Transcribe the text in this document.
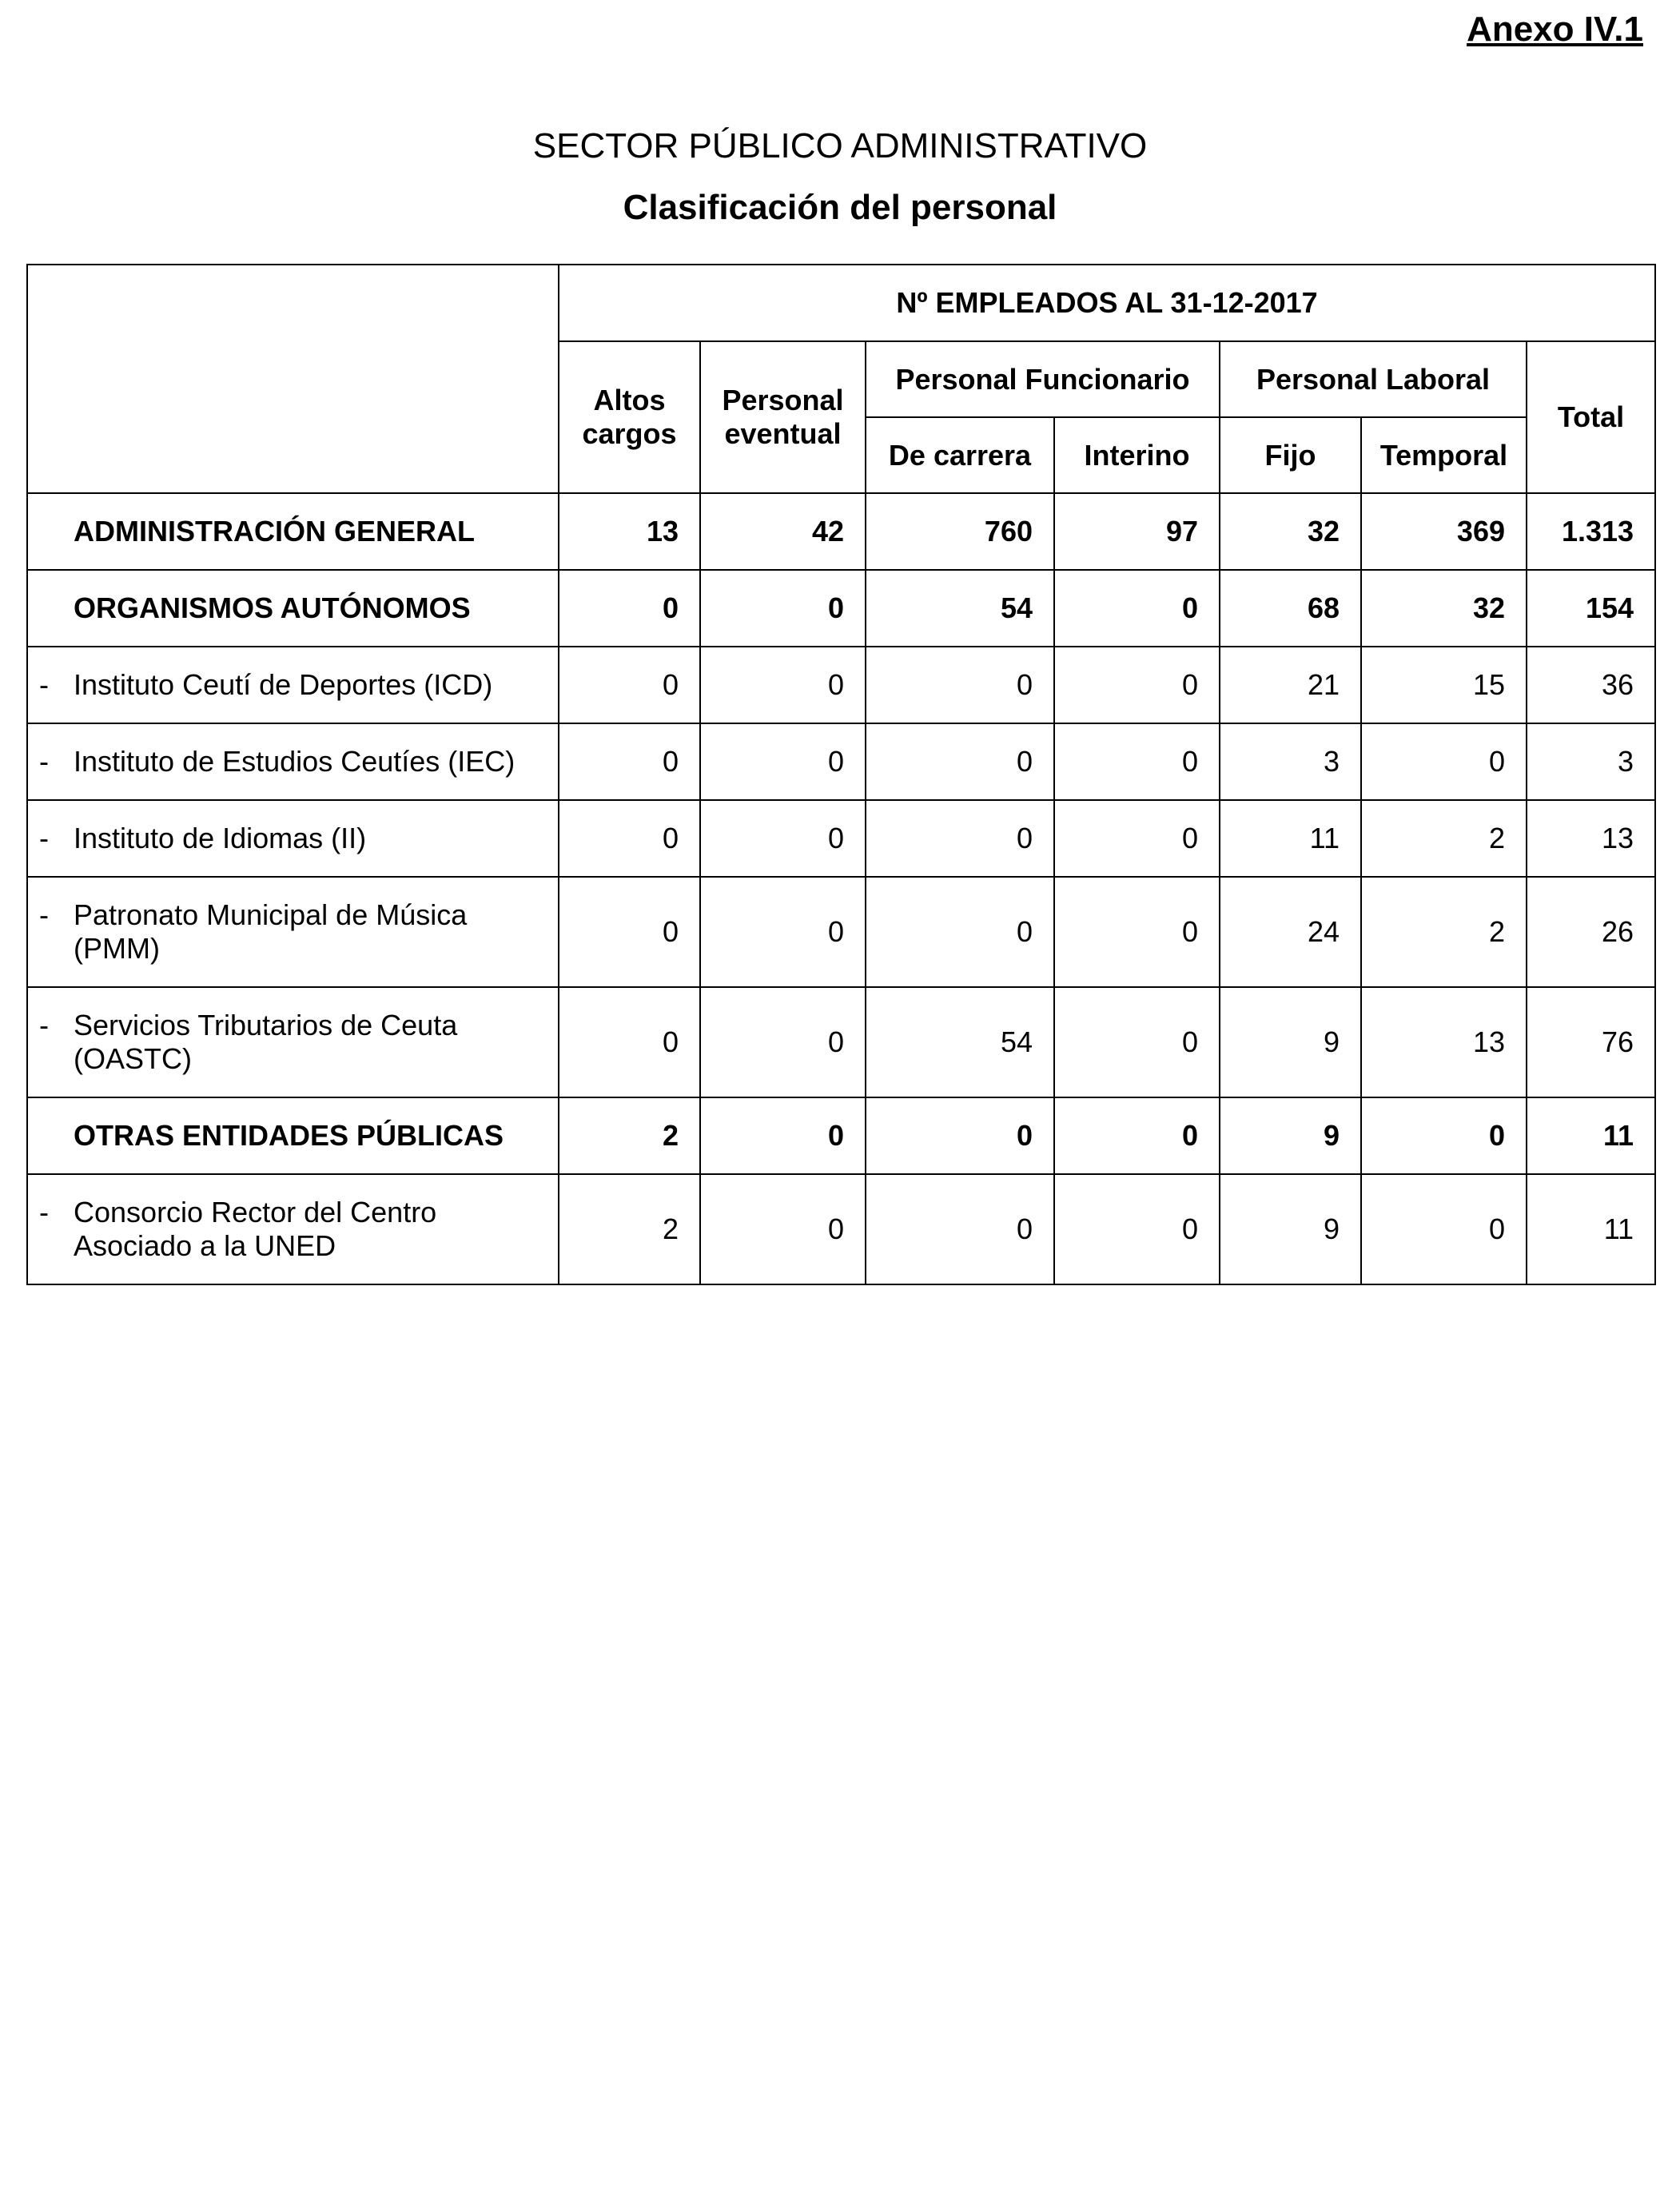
Anexo IV.1
SECTOR PÚBLICO ADMINISTRATIVO
Clasificación del personal
	Nº EMPLEADOS AL 31-12-2017						
	Altos cargos	Personal eventual	Personal Funcionario		Personal Laboral		Total
			De carrera	Interino	Fijo	Temporal	

ADMINISTRACIÓN GENERAL	13	42	760	97	32	369	1.313

ORGANISMOS AUTÓNOMOS	0	0	54	0	68	32	154

- Instituto Ceutí de Deportes (ICD)	0	0	0	0	21	15	36

- Instituto de Estudios Ceutíes (IEC)	0	0	0	0	3	0	3

- Instituto de Idiomas (II)	0	0	0	0	11	2	13

- Patronato Municipal de Música (PMM)	0	0	0	0	24	2	26

- Servicios Tributarios de Ceuta (OASTC)	0	0	54	0	9	13	76

OTRAS ENTIDADES PÚBLICAS	2	0	0	0	9	0	11

- Consorcio Rector del Centro Asociado a la UNED	2	0	0	0	9	0	11
